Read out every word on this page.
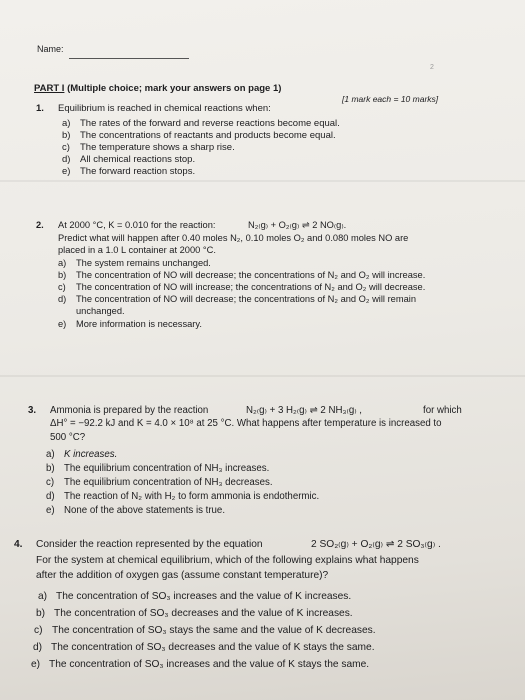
Name:
2
PART I (Multiple choice; mark your answers on page 1)
[1 mark each = 10 marks]
1. Equilibrium is reached in chemical reactions when:
a) The rates of the forward and reverse reactions become equal.
b) The concentrations of reactants and products become equal.
c) The temperature shows a sharp rise.
d) All chemical reactions stop.
e) The forward reaction stops.
2. At 2000 °C, K = 0.010 for the reaction:	N₂₍g₎ + O₂₍g₎ ⇌ 2 NO₍g₎.
Predict what will happen after 0.40 moles N₂, 0.10 moles O₂ and 0.080 moles NO are
placed in a 1.0 L container at 2000 °C.
a) The system remains unchanged.
b) The concentration of NO will decrease; the concentrations of N₂ and O₂ will increase.
c) The concentration of NO will increase; the concentrations of N₂ and O₂ will decrease.
d) The concentration of NO will decrease; the concentrations of N₂ and O₂ will remain
unchanged.
e) More information is necessary.
3. Ammonia is prepared by the reaction	N₂₍g₎ + 3 H₂₍g₎ ⇌ 2 NH₃₍g₎ ,	for which
ΔH° = −92.2 kJ and K = 4.0 × 10⁸ at 25 °C. What happens after temperature is increased to
500 °C?
a) K increases.
b) The equilibrium concentration of NH₃ increases.
c) The equilibrium concentration of NH₃ decreases.
d) The reaction of N₂ with H₂ to form ammonia is endothermic.
e) None of the above statements is true.
4. Consider the reaction represented by the equation	2 SO₂₍g₎ + O₂₍g₎ ⇌ 2 SO₃₍g₎ .
For the system at chemical equilibrium, which of the following explains what happens
after the addition of oxygen gas (assume constant temperature)?
a) The concentration of SO₃ increases and the value of K increases.
b) The concentration of SO₃ decreases and the value of K increases.
c) The concentration of SO₃ stays the same and the value of K decreases.
d) The concentration of SO₃ decreases and the value of K stays the same.
e) The concentration of SO₃ increases and the value of K stays the same.
